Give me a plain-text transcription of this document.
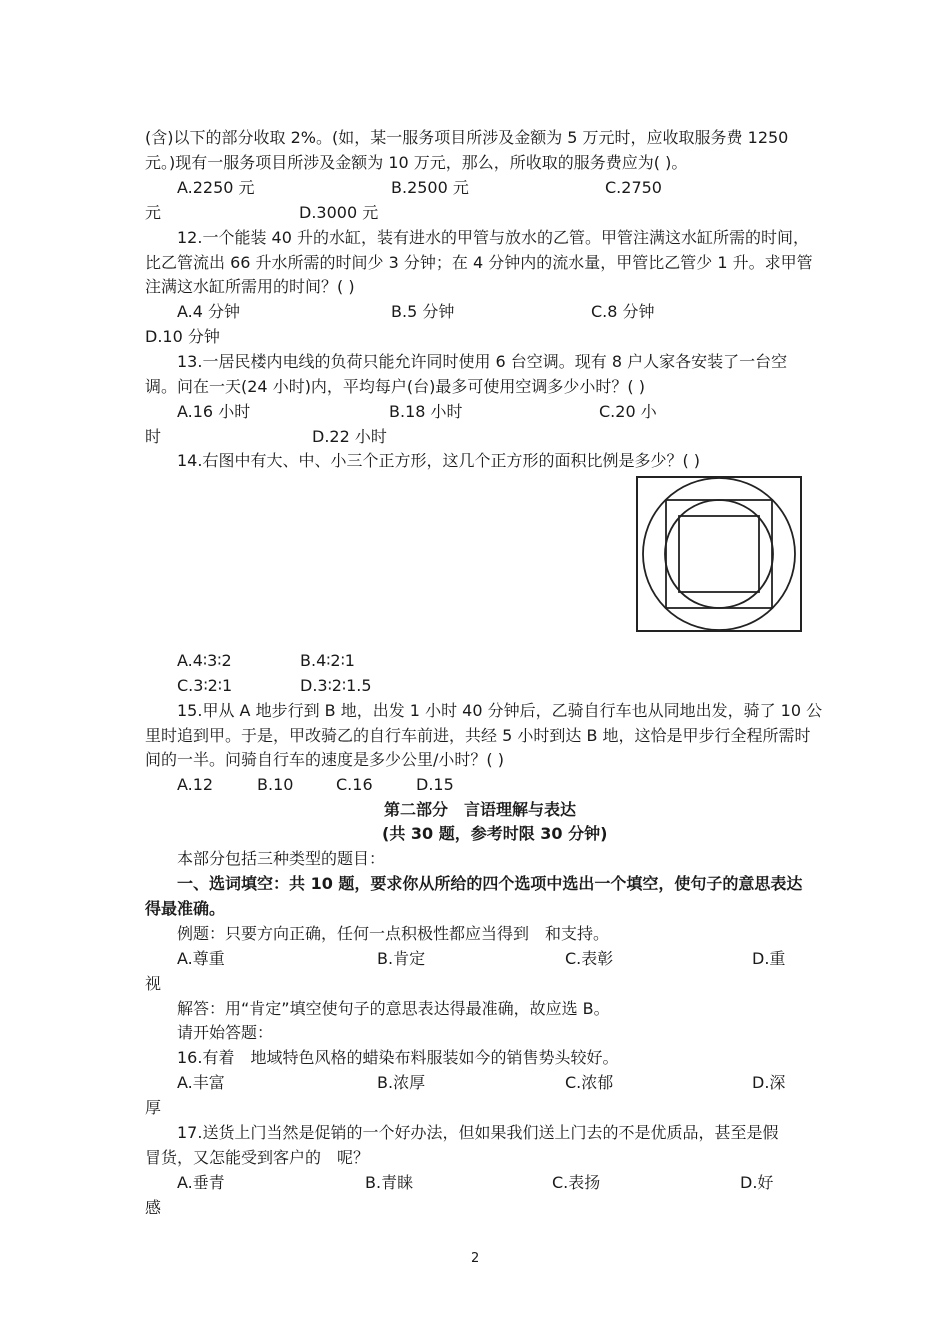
(含)以下的部分收取 2%。(如，某一服务项目所涉及金额为 5 万元时，应收取服务费 1250
元。)现有一服务项目所涉及金额为 10 万元，那么，所收取的服务费应为( )。
A.2250 元	B.2500 元	C.2750
元	D.3000 元
12.一个能装 40 升的水缸，装有进水的甲管与放水的乙管。甲管注满这水缸所需的时间，
比乙管流出 66 升水所需的时间少 3 分钟；在 4 分钟内的流水量，甲管比乙管少 1 升。求甲管
注满这水缸所需用的时间？( )
A.4 分钟	B.5 分钟	C.8 分钟
D.10 分钟
13.一居民楼内电线的负荷只能允许同时使用 6 台空调。现有 8 户人家各安装了一台空
调。问在一天(24 小时)内，平均每户(台)最多可使用空调多少小时？( )
A.16 小时	B.18 小时	C.20 小
时	D.22 小时
14.右图中有大、中、小三个正方形，这几个正方形的面积比例是多少？( )
A.4∶3∶2	B.4∶2∶1
C.3∶2∶1	D.3∶2∶1.5
15.甲从 A 地步行到 B 地，出发 1 小时 40 分钟后，乙骑自行车也从同地出发，骑了 10 公
里时追到甲。于是，甲改骑乙的自行车前进，共经 5 小时到达 B 地，这恰是甲步行全程所需时
间的一半。问骑自行车的速度是多少公里/小时？( )
A.12	B.10	C.16	D.15
第二部分　言语理解与表达
(共 30 题，参考时限 30 分钟)
本部分包括三种类型的题目：
一、选词填空：共 10 题，要求你从所给的四个选项中选出一个填空，使句子的意思表达
得最准确。
例题：只要方向正确，任何一点积极性都应当得到　和支持。
A.尊重	B.肯定	C.表彰	D.重
视
解答：用“肯定”填空使句子的意思表达得最准确，故应选 B。
请开始答题：
16.有着　地域特色风格的蜡染布料服装如今的销售势头较好。
A.丰富	B.浓厚	C.浓郁	D.深
厚
17.送货上门当然是促销的一个好办法，但如果我们送上门去的不是优质品，甚至是假
冒货，又怎能受到客户的　呢？
A.垂青	B.青睐	C.表扬	D.好
感
2
